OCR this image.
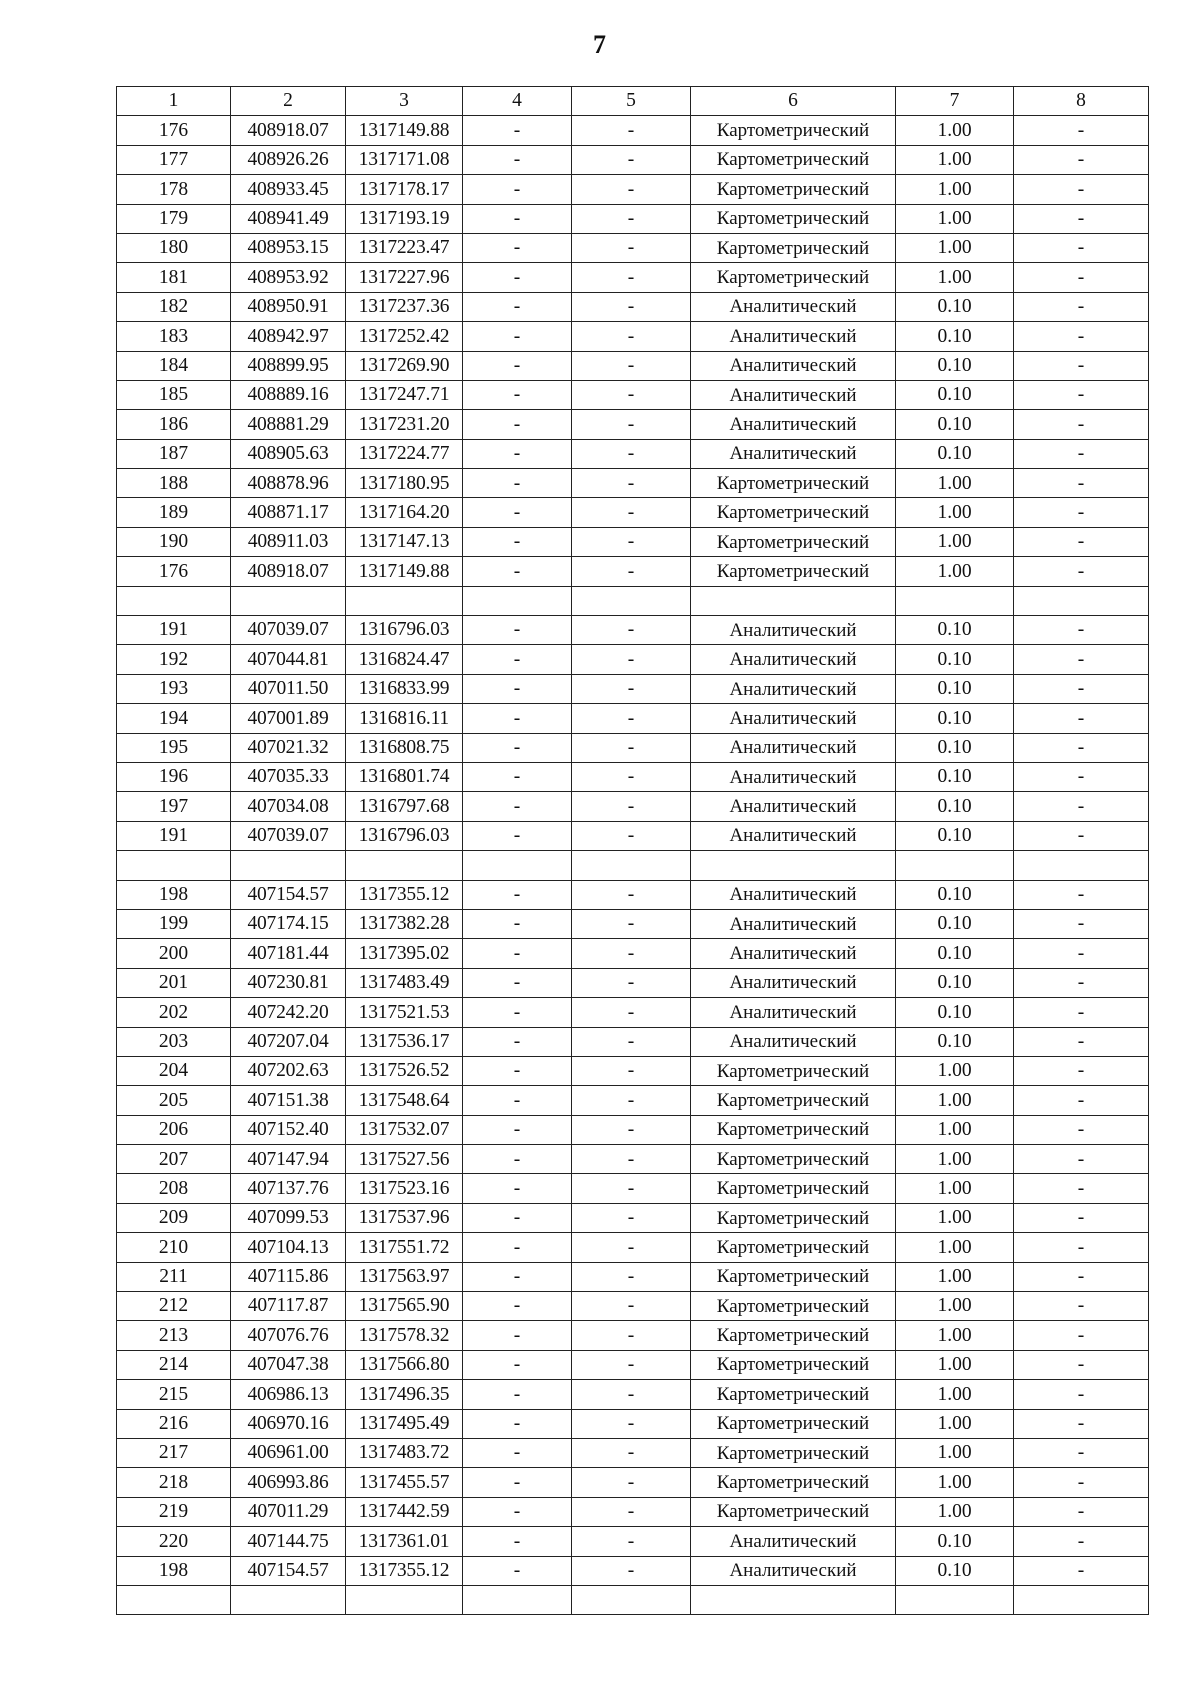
7
1	2	3	4	5	6	7	8
176	408918.07	1317149.88	-	-	Картометрический	1.00	-
177	408926.26	1317171.08	-	-	Картометрический	1.00	-
178	408933.45	1317178.17	-	-	Картометрический	1.00	-
179	408941.49	1317193.19	-	-	Картометрический	1.00	-
180	408953.15	1317223.47	-	-	Картометрический	1.00	-
181	408953.92	1317227.96	-	-	Картометрический	1.00	-
182	408950.91	1317237.36	-	-	Аналитический	0.10	-
183	408942.97	1317252.42	-	-	Аналитический	0.10	-
184	408899.95	1317269.90	-	-	Аналитический	0.10	-
185	408889.16	1317247.71	-	-	Аналитический	0.10	-
186	408881.29	1317231.20	-	-	Аналитический	0.10	-
187	408905.63	1317224.77	-	-	Аналитический	0.10	-
188	408878.96	1317180.95	-	-	Картометрический	1.00	-
189	408871.17	1317164.20	-	-	Картометрический	1.00	-
190	408911.03	1317147.13	-	-	Картометрический	1.00	-
176	408918.07	1317149.88	-	-	Картометрический	1.00	-

191	407039.07	1316796.03	-	-	Аналитический	0.10	-
192	407044.81	1316824.47	-	-	Аналитический	0.10	-
193	407011.50	1316833.99	-	-	Аналитический	0.10	-
194	407001.89	1316816.11	-	-	Аналитический	0.10	-
195	407021.32	1316808.75	-	-	Аналитический	0.10	-
196	407035.33	1316801.74	-	-	Аналитический	0.10	-
197	407034.08	1316797.68	-	-	Аналитический	0.10	-
191	407039.07	1316796.03	-	-	Аналитический	0.10	-

198	407154.57	1317355.12	-	-	Аналитический	0.10	-
199	407174.15	1317382.28	-	-	Аналитический	0.10	-
200	407181.44	1317395.02	-	-	Аналитический	0.10	-
201	407230.81	1317483.49	-	-	Аналитический	0.10	-
202	407242.20	1317521.53	-	-	Аналитический	0.10	-
203	407207.04	1317536.17	-	-	Аналитический	0.10	-
204	407202.63	1317526.52	-	-	Картометрический	1.00	-
205	407151.38	1317548.64	-	-	Картометрический	1.00	-
206	407152.40	1317532.07	-	-	Картометрический	1.00	-
207	407147.94	1317527.56	-	-	Картометрический	1.00	-
208	407137.76	1317523.16	-	-	Картометрический	1.00	-
209	407099.53	1317537.96	-	-	Картометрический	1.00	-
210	407104.13	1317551.72	-	-	Картометрический	1.00	-
211	407115.86	1317563.97	-	-	Картометрический	1.00	-
212	407117.87	1317565.90	-	-	Картометрический	1.00	-
213	407076.76	1317578.32	-	-	Картометрический	1.00	-
214	407047.38	1317566.80	-	-	Картометрический	1.00	-
215	406986.13	1317496.35	-	-	Картометрический	1.00	-
216	406970.16	1317495.49	-	-	Картометрический	1.00	-
217	406961.00	1317483.72	-	-	Картометрический	1.00	-
218	406993.86	1317455.57	-	-	Картометрический	1.00	-
219	407011.29	1317442.59	-	-	Картометрический	1.00	-
220	407144.75	1317361.01	-	-	Аналитический	0.10	-
198	407154.57	1317355.12	-	-	Аналитический	0.10	-
